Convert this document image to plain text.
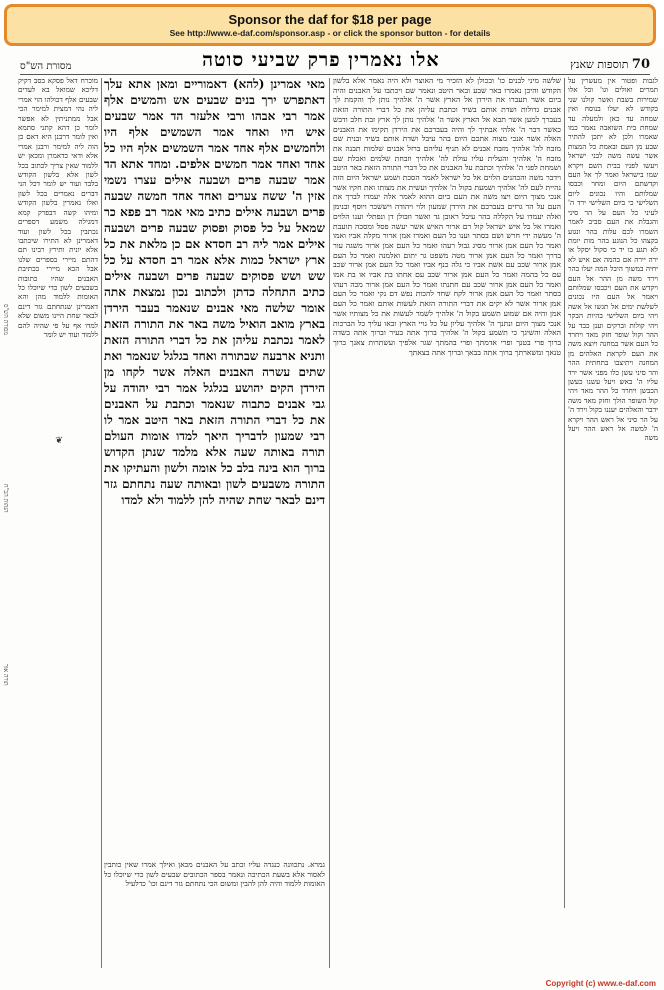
Sponsor the daf for $18 per page
See http://www.e-daf.com/sponsor.asp - or click the sponsor button - for details
70 תוספות שאנץ
אלו נאמרין פרק שביעי סוטה
מסורת הש"ס
לגבות ופטור אין מעשרין על תמרים ואולים וגו' וכל אלו שמירות בשבת ואשר קולנו שני בקודש לא יעלו בנוסח ואין שמחה עד כאן ולמעלה עד שמחת בית השואבה נאמר כמו שאמרו ולכן לא יתכן להתיר שבע מן העם ובאמת כל המצות אשר עשה משה לבני ישראל ויעשו לפניו בבית השם ויקרא שמו בישראל ואמר לך אל העם וקדשתם היום ומחר וכבסו שמלותם והיו נכונים ליום השלישי כי ביום השלישי ירד ה' לעיני כל העם על הר סיני והגבלת את העם סביב לאמר השמרו לכם עלות בהר ונגוע בקצהו כל הנוגע בהר מות יומת לא תגע בו יד כי סקול יסקל או ירה יירה אם בהמה אם איש לא יחיה במשוך היבל המה יעלו בהר וירד משה מן ההר אל העם ויקדש את העם ויכבסו שמלותם ויאמר אל העם היו נכונים לשלשת ימים אל תגשו אל אשה ויהי ביום השלישי בהיות הבקר ויהי קולות וברקים וענן כבד על ההר וקול שופר חזק מאד ויחרד כל העם אשר במחנה ויוצא משה את העם לקראת האלהים מן המחנה ויתיצבו בתחתית ההר והר סיני עשן כלו מפני אשר ירד עליו ה' באש ויעל עשנו כעשן הכבשן ויחרד כל ההר מאד ויהי קול השופר הולך וחזק מאד משה ידבר והאלהים יעננו בקול וירד ה' על הר סיני אל ראש ההר ויקרא ה' למשה אל ראש ההר ויעל משה
שלשה מיני לבנים כו' ובכולן לא הזכיר מי האוצר ולא היה נאמר אלא בלשון הקודש והיכן נאמרו באר שבע ובאר היטב ונאמר שם ויכתבו על האבנים והיה ביום אשר תעברו את הירדן אל הארץ אשר ה' אלהיך נותן לך והקמת לך אבנים גדולות ושדת אותם בשיד וכתבת עליהן את כל דברי התורה הזאת בעברך למען אשר תבא אל הארץ אשר ה' אלהיך נותן לך ארץ זבת חלב ודבש כאשר דבר ה' אלהי אבתיך לך והיה בעברכם את הירדן תקימו את האבנים האלה אשר אנכי מצוה אתכם היום בהר עיבל ושדת אותם בשיד ובנית שם מזבח לה' אלהיך מזבח אבנים לא תניף עליהם ברזל אבנים שלמות תבנה את מזבח ה' אלהיך והעלית עליו עולת לה' אלהיך וזבחת שלמים ואכלת שם ושמחת לפני ה' אלהיך וכתבת על האבנים את כל דברי התורה הזאת באר היטב וידבר משה והכהנים הלוים אל כל ישראל לאמר הסכת ושמע ישראל היום הזה נהיית לעם לה' אלהיך ושמעת בקול ה' אלהיך ועשית את מצותו ואת חקיו אשר אנכי מצוך היום ויצו משה את העם ביום ההוא לאמר אלה יעמדו לברך את העם על הר גרזים בעברכם את הירדן שמעון ולוי ויהודה ויששכר ויוסף ובנימן ואלה יעמדו על הקללה בהר עיבל ראובן גד ואשר וזבולן דן ונפתלי וענו הלוים ואמרו אל כל איש ישראל קול רם ארור האיש אשר יעשה פסל ומסכה תועבת ה' מעשה ידי חרש ושם בסתר וענו כל העם ואמרו אמן ארור מקלה אביו ואמו ואמר כל העם אמן ארור מסיג גבול רעהו ואמר כל העם אמן ארור משגה עור בדרך ואמר כל העם אמן ארור מטה משפט גר יתום ואלמנה ואמר כל העם אמן ארור שכב עם אשת אביו כי גלה כנף אביו ואמר כל העם אמן ארור שכב עם כל בהמה ואמר כל העם אמן ארור שכב עם אחתו בת אביו או בת אמו ואמר כל העם אמן ארור שכב עם חתנתו ואמר כל העם אמן ארור מכה רעהו בסתר ואמר כל העם אמן ארור לקח שחד להכות נפש דם נקי ואמר כל העם אמן ארור אשר לא יקים את דברי התורה הזאת לעשות אותם ואמר כל העם אמן והיה אם שמוע תשמע בקול ה' אלהיך לשמר לעשות את כל מצותיו אשר אנכי מצוך היום ונתנך ה' אלהיך עליון על כל גויי הארץ ובאו עליך כל הברכות האלה והשיגך כי תשמע בקול ה' אלהיך ברוך אתה בעיר וברוך אתה בשדה ברוך פרי בטנך ופרי אדמתך ופרי בהמתך שגר אלפיך ועשתרות צאנך ברוך טנאך ומשארתך ברוך אתה בבאך וברוך אתה בצאתך
מאי אמרינן (להא) דאמוריים ומאן אתא עלך דאתפרש ירך בנים שבעים אש והמשים אלף אמר רבי אבהו ורבי אלעזר הד אמר שבעים איש היו ואחד אמר השמשים אלף היו ולחמשים אלף אחד אמר השמשים אלף היו כל אחד ואחד אמר חמשים אלפים. ומחד אתא הד אמר שבעה פרים ושבעה אילים עצרו נשמי אזין ה' ששה צערים ואחד אחד חמשה שבעה פרים ושבעה אילים כתיב מאי אמר רב פפא כר שמאל על כל פסוק ופסוק שבעה פרים ושבעה אילים אמר ליה רב חסדא אם כן מלאת את כל ארץ ישראל כמות אלא אמר רב חסדא על כל שש ושש פסוקים שבעה פרים ושבעה אילים כתיב התחלה כדתן ולכתוב נכון נמצאת אתה אומר שלשה מאי אבנים שנאמר בעבר הירדן בארץ מואב הואיל משה באר את התורה הזאת לאמר נכתבת עליהן את כל דברי התורה הזאת ותניא ארבעה שבתורה ואחד בגלגל שנאמר ואת שתים עשרה האבנים האלה אשר לקחו מן הירדן הקים יהושע בגלגל אמר רבי יהודה על גבי אבנים כתבוה שנאמר וכתבת על האבנים את כל דברי התורה הזאת באר היטב אמר לו רבי שמעון לדבריך היאך למדו אומות העולם תורה באותה שעה אלא מלמד שנתן הקדוש ברוך הוא בינה בלב כל אומה ולשון והעתיקו את התורה משבעים לשון ובאותה שעה נתחתם גזר דינם לבאר שחת שהיה להן ללמוד ולא למדו
גמרא. נתכוונה כנגדה עליו וכתב על האבנים מכאן ואילך אמרו שאין כותבין לאסור אלא בשעת הכתיבה ונאמר בספר הכתובים שבעים לשון כדי שיוכלו כל האומות ללמוד והיה להן להבין ומשום הכי נתחתם גזר דינם וכו' כדלעיל
מוכרח דאל פסקא בסב דקיק דליכא שמואל בא לעדים שבעים אלף דכולהו הוי אמרי ליה נהי דמצית למימר הכי אבל ממתניתין לא אפשר לומר כן דהא קתני סתמא ואין לומר דרבנן היא דאם כן הוה ליה למימר ורבנן אמרי אלא ודאי כדאמרן ומכאן יש ללמוד שאין צריך לכתוב בכל לשון אלא בלשון הקודש בלבד ועוד יש לומר דכל הני דברים נאמרים בכל לשון ואלו נאמרין בלשון הקודש ומיהו קשה דבפרק קמא דמגילה משמע דספרים נכתבין בכל לשון ועוד דאמרינן לא התירו שיכתבו אלא יונית ותירץ רבינו תם דהתם מיירי בספרים שלנו אבל הכא מיירי בכתיבת האבנים שהיו כתובות בשבעים לשון כדי שיוכלו כל האומות ללמוד מהן והא דאמרינן שנתחתם גזר דינם לבאר שחת היינו משום שלא למדו אף על פי שהיה להם ללמוד ועוד יש לומר
מסורת הש"ס
הגהות הב"ח
תורה אור
❦
Copyright (c) www.e-daf.com
